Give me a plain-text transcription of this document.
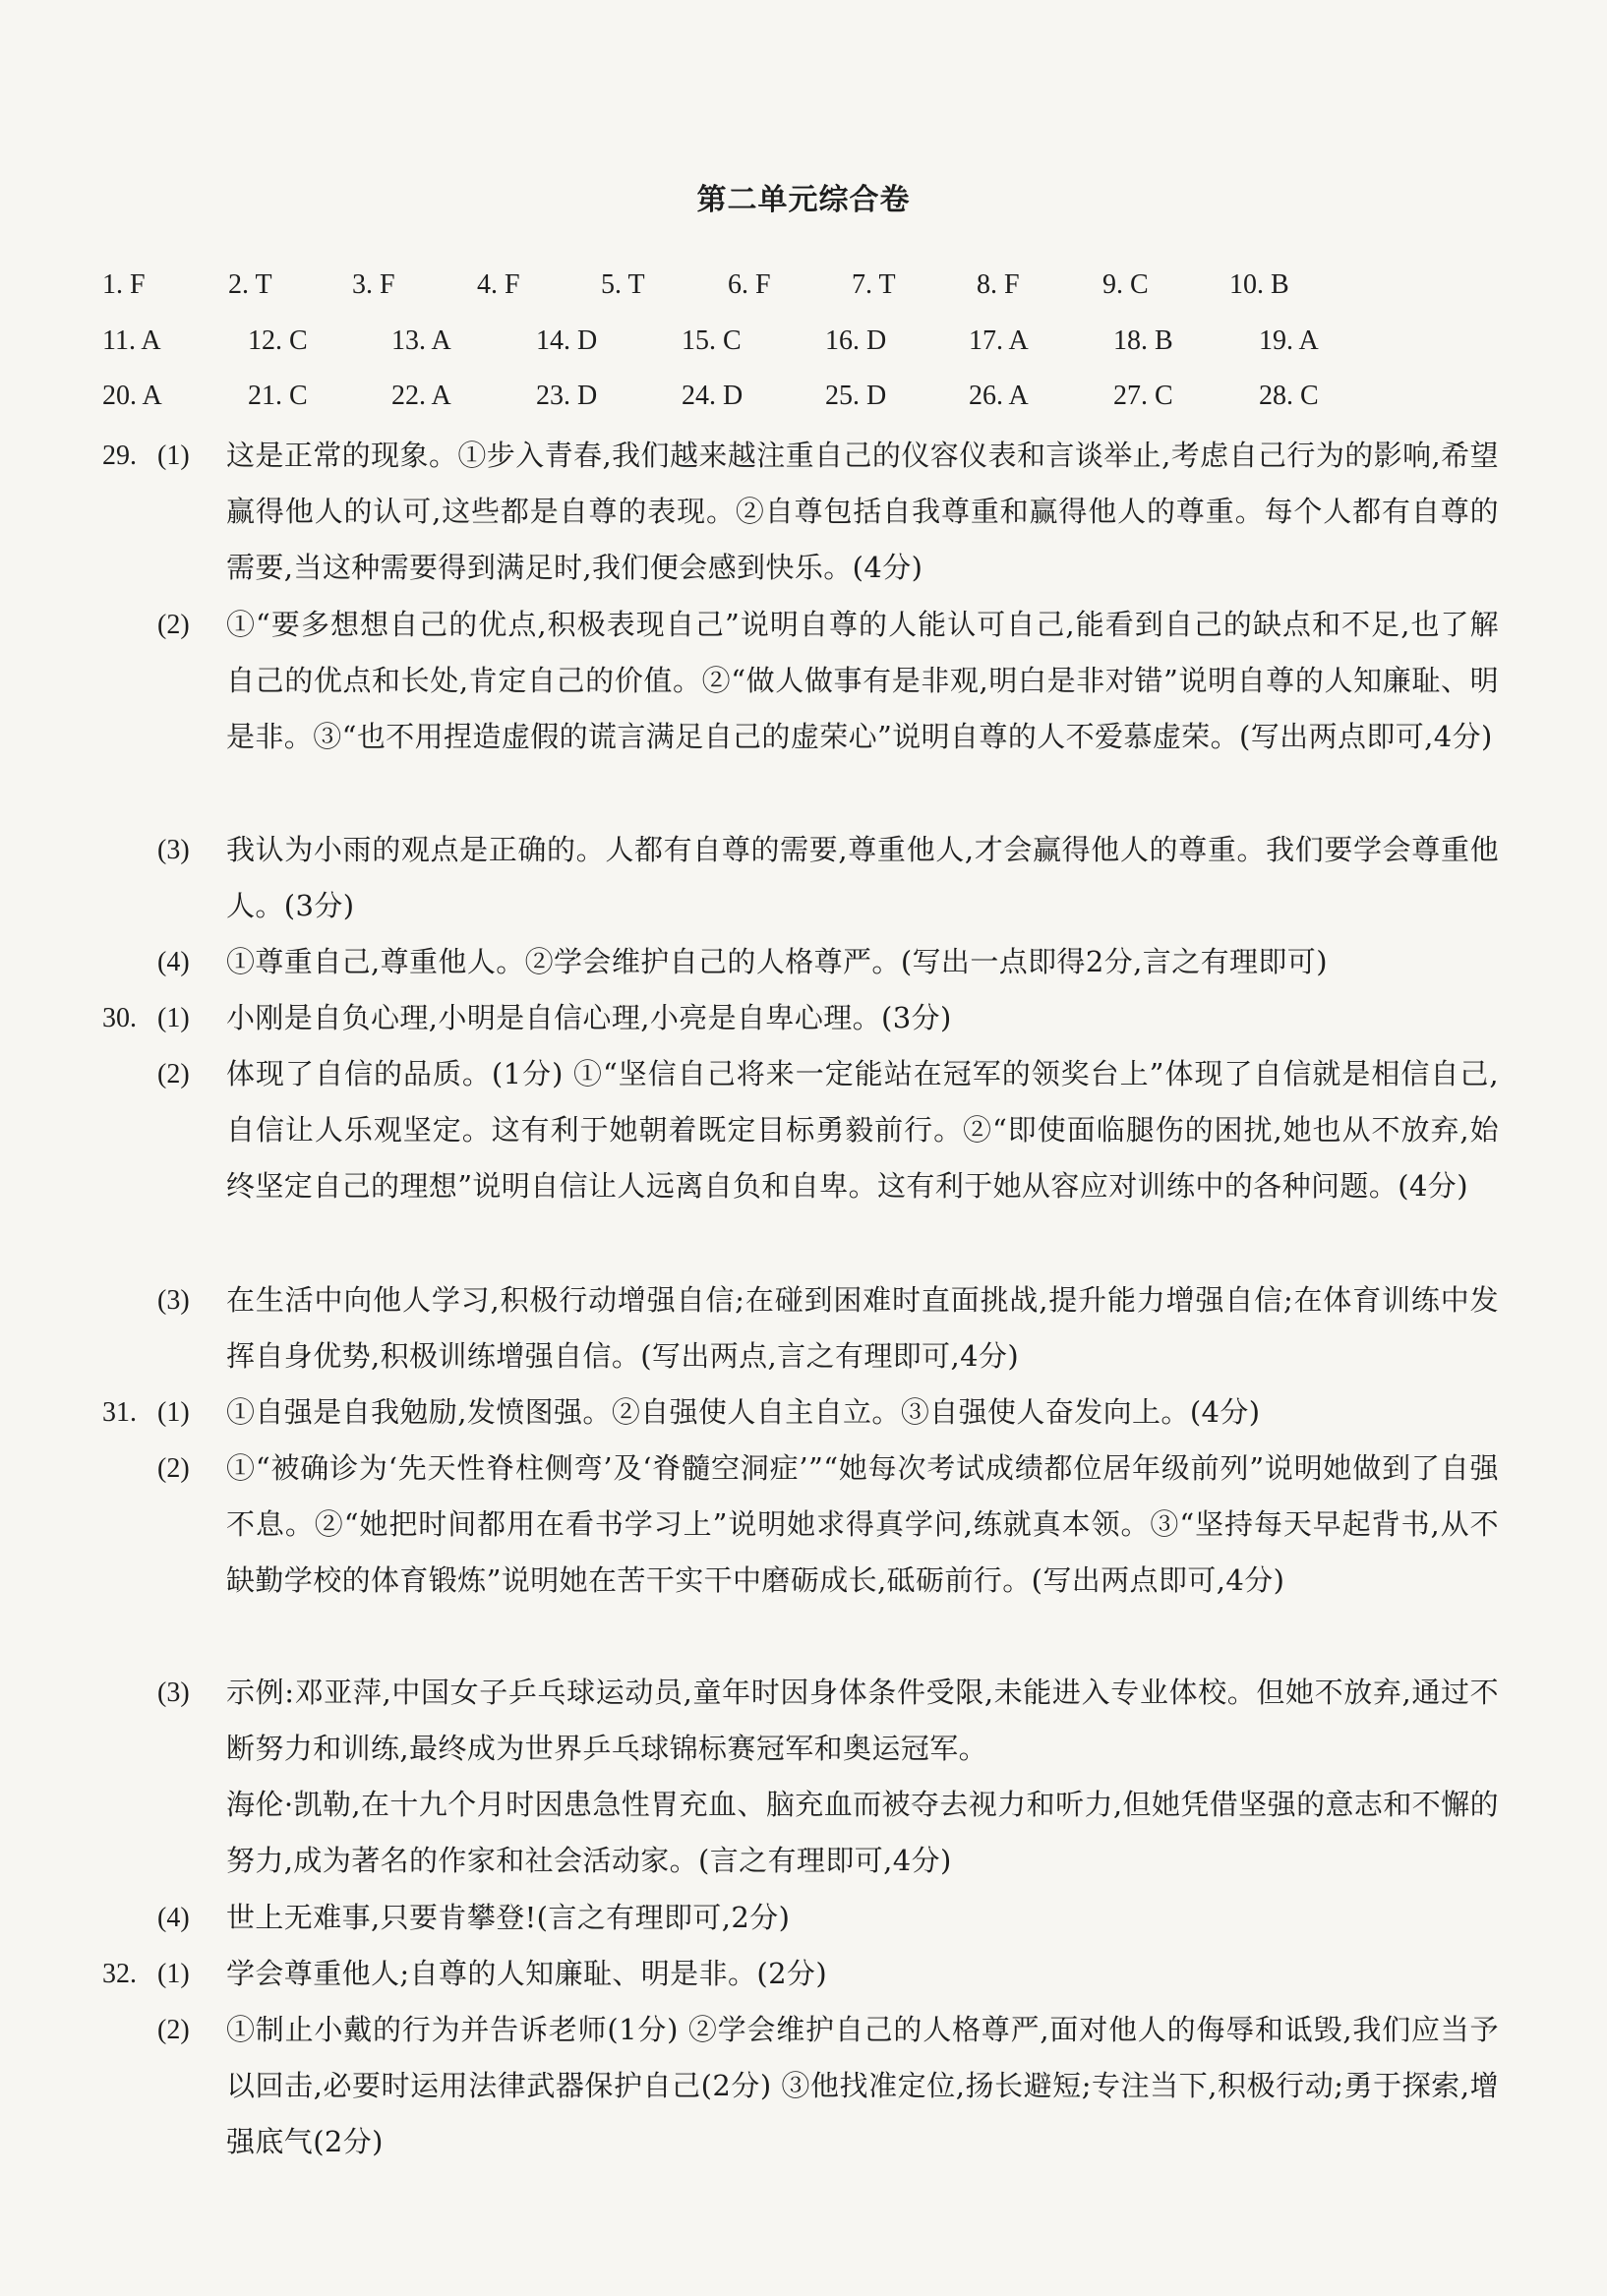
第二单元综合卷
1. F	2. T	3. F	4. F	5. T	6. F	7. T	8. F	9. C	10. B
11. A	12. C	13. A	14. D	15. C	16. D	17. A	18. B	19. A
20. A	21. C	22. A	23. D	24. D	25. D	26. A	27. C	28. C
29. (1) 这是正常的现象。①步入青春,我们越来越注重自己的仪容仪表和言谈举止,考虑自己行为的影响,希望赢得他人的认可,这些都是自尊的表现。②自尊包括自我尊重和赢得他人的尊重。每个人都有自尊的需要,当这种需要得到满足时,我们便会感到快乐。(4分)
(2) ①“要多想想自己的优点,积极表现自己”说明自尊的人能认可自己,能看到自己的缺点和不足,也了解自己的优点和长处,肯定自己的价值。②“做人做事有是非观,明白是非对错”说明自尊的人知廉耻、明是非。③“也不用捏造虚假的谎言满足自己的虚荣心”说明自尊的人不爱慕虚荣。(写出两点即可,4分)
(3) 我认为小雨的观点是正确的。人都有自尊的需要,尊重他人,才会赢得他人的尊重。我们要学会尊重他人。(3分)
(4) ①尊重自己,尊重他人。②学会维护自己的人格尊严。(写出一点即得2分,言之有理即可)
30. (1) 小刚是自负心理,小明是自信心理,小亮是自卑心理。(3分)
(2) 体现了自信的品质。(1分) ①“坚信自己将来一定能站在冠军的领奖台上”体现了自信就是相信自己,自信让人乐观坚定。这有利于她朝着既定目标勇毅前行。②“即使面临腿伤的困扰,她也从不放弃,始终坚定自己的理想”说明自信让人远离自负和自卑。这有利于她从容应对训练中的各种问题。(4分)
(3) 在生活中向他人学习,积极行动增强自信;在碰到困难时直面挑战,提升能力增强自信;在体育训练中发挥自身优势,积极训练增强自信。(写出两点,言之有理即可,4分)
31. (1) ①自强是自我勉励,发愤图强。②自强使人自主自立。③自强使人奋发向上。(4分)
(2) ①“被确诊为‘先天性脊柱侧弯’及‘脊髓空洞症’”“她每次考试成绩都位居年级前列”说明她做到了自强不息。②“她把时间都用在看书学习上”说明她求得真学问,练就真本领。③“坚持每天早起背书,从不缺勤学校的体育锻炼”说明她在苦干实干中磨砺成长,砥砺前行。(写出两点即可,4分)
(3) 示例:邓亚萍,中国女子乒乓球运动员,童年时因身体条件受限,未能进入专业体校。但她不放弃,通过不断努力和训练,最终成为世界乒乓球锦标赛冠军和奥运冠军。
海伦·凯勒,在十九个月时因患急性胃充血、脑充血而被夺去视力和听力,但她凭借坚强的意志和不懈的努力,成为著名的作家和社会活动家。(言之有理即可,4分)
(4) 世上无难事,只要肯攀登!(言之有理即可,2分)
32. (1) 学会尊重他人;自尊的人知廉耻、明是非。(2分)
(2) ①制止小戴的行为并告诉老师(1分) ②学会维护自己的人格尊严,面对他人的侮辱和诋毁,我们应当予以回击,必要时运用法律武器保护自己(2分) ③他找准定位,扬长避短;专注当下,积极行动;勇于探索,增强底气(2分)
